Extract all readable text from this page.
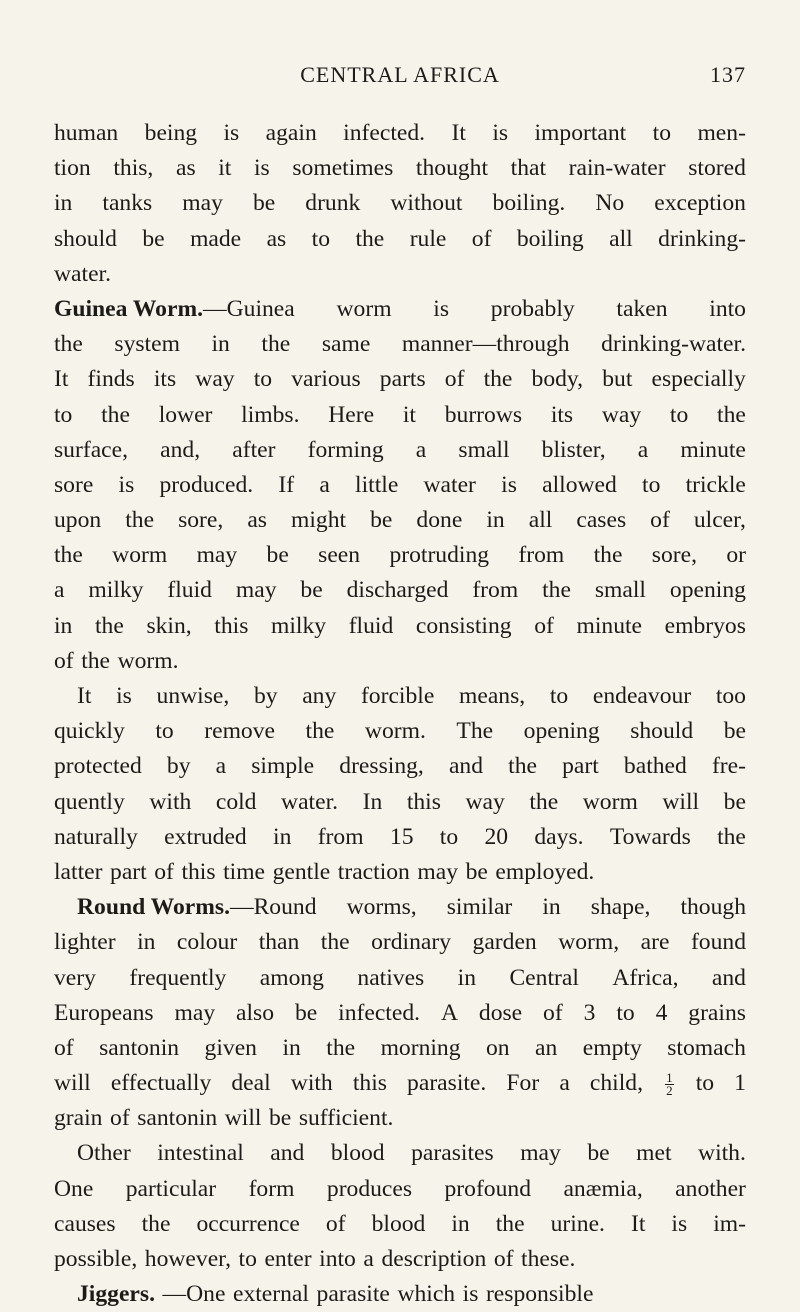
CENTRAL AFRICA	137
human being is again infected. It is important to men-
tion this, as it is sometimes thought that rain-water stored
in tanks may be drunk without boiling. No exception
should be made as to the rule of boiling all drinking-
water.
Guinea Worm.—Guinea worm is probably taken into
the system in the same manner—through drinking-water.
It finds its way to various parts of the body, but especially
to the lower limbs. Here it burrows its way to the
surface, and, after forming a small blister, a minute
sore is produced. If a little water is allowed to trickle
upon the sore, as might be done in all cases of ulcer,
the worm may be seen protruding from the sore, or
a milky fluid may be discharged from the small opening
in the skin, this milky fluid consisting of minute embryos
of the worm.
It is unwise, by any forcible means, to endeavour too
quickly to remove the worm. The opening should be
protected by a simple dressing, and the part bathed fre-
quently with cold water. In this way the worm will be
naturally extruded in from 15 to 20 days. Towards the
latter part of this time gentle traction may be employed.
Round Worms.—Round worms, similar in shape, though
lighter in colour than the ordinary garden worm, are found
very frequently among natives in Central Africa, and
Europeans may also be infected. A dose of 3 to 4 grains
of santonin given in the morning on an empty stomach
will effectually deal with this parasite. For a child, $\frac{1}{2}$ to 1
grain of santonin will be sufficient.
Other intestinal and blood parasites may be met with.
One particular form produces profound anæmia, another
causes the occurrence of blood in the urine. It is im-
possible, however, to enter into a description of these.
Jiggers. —One external parasite which is responsible
